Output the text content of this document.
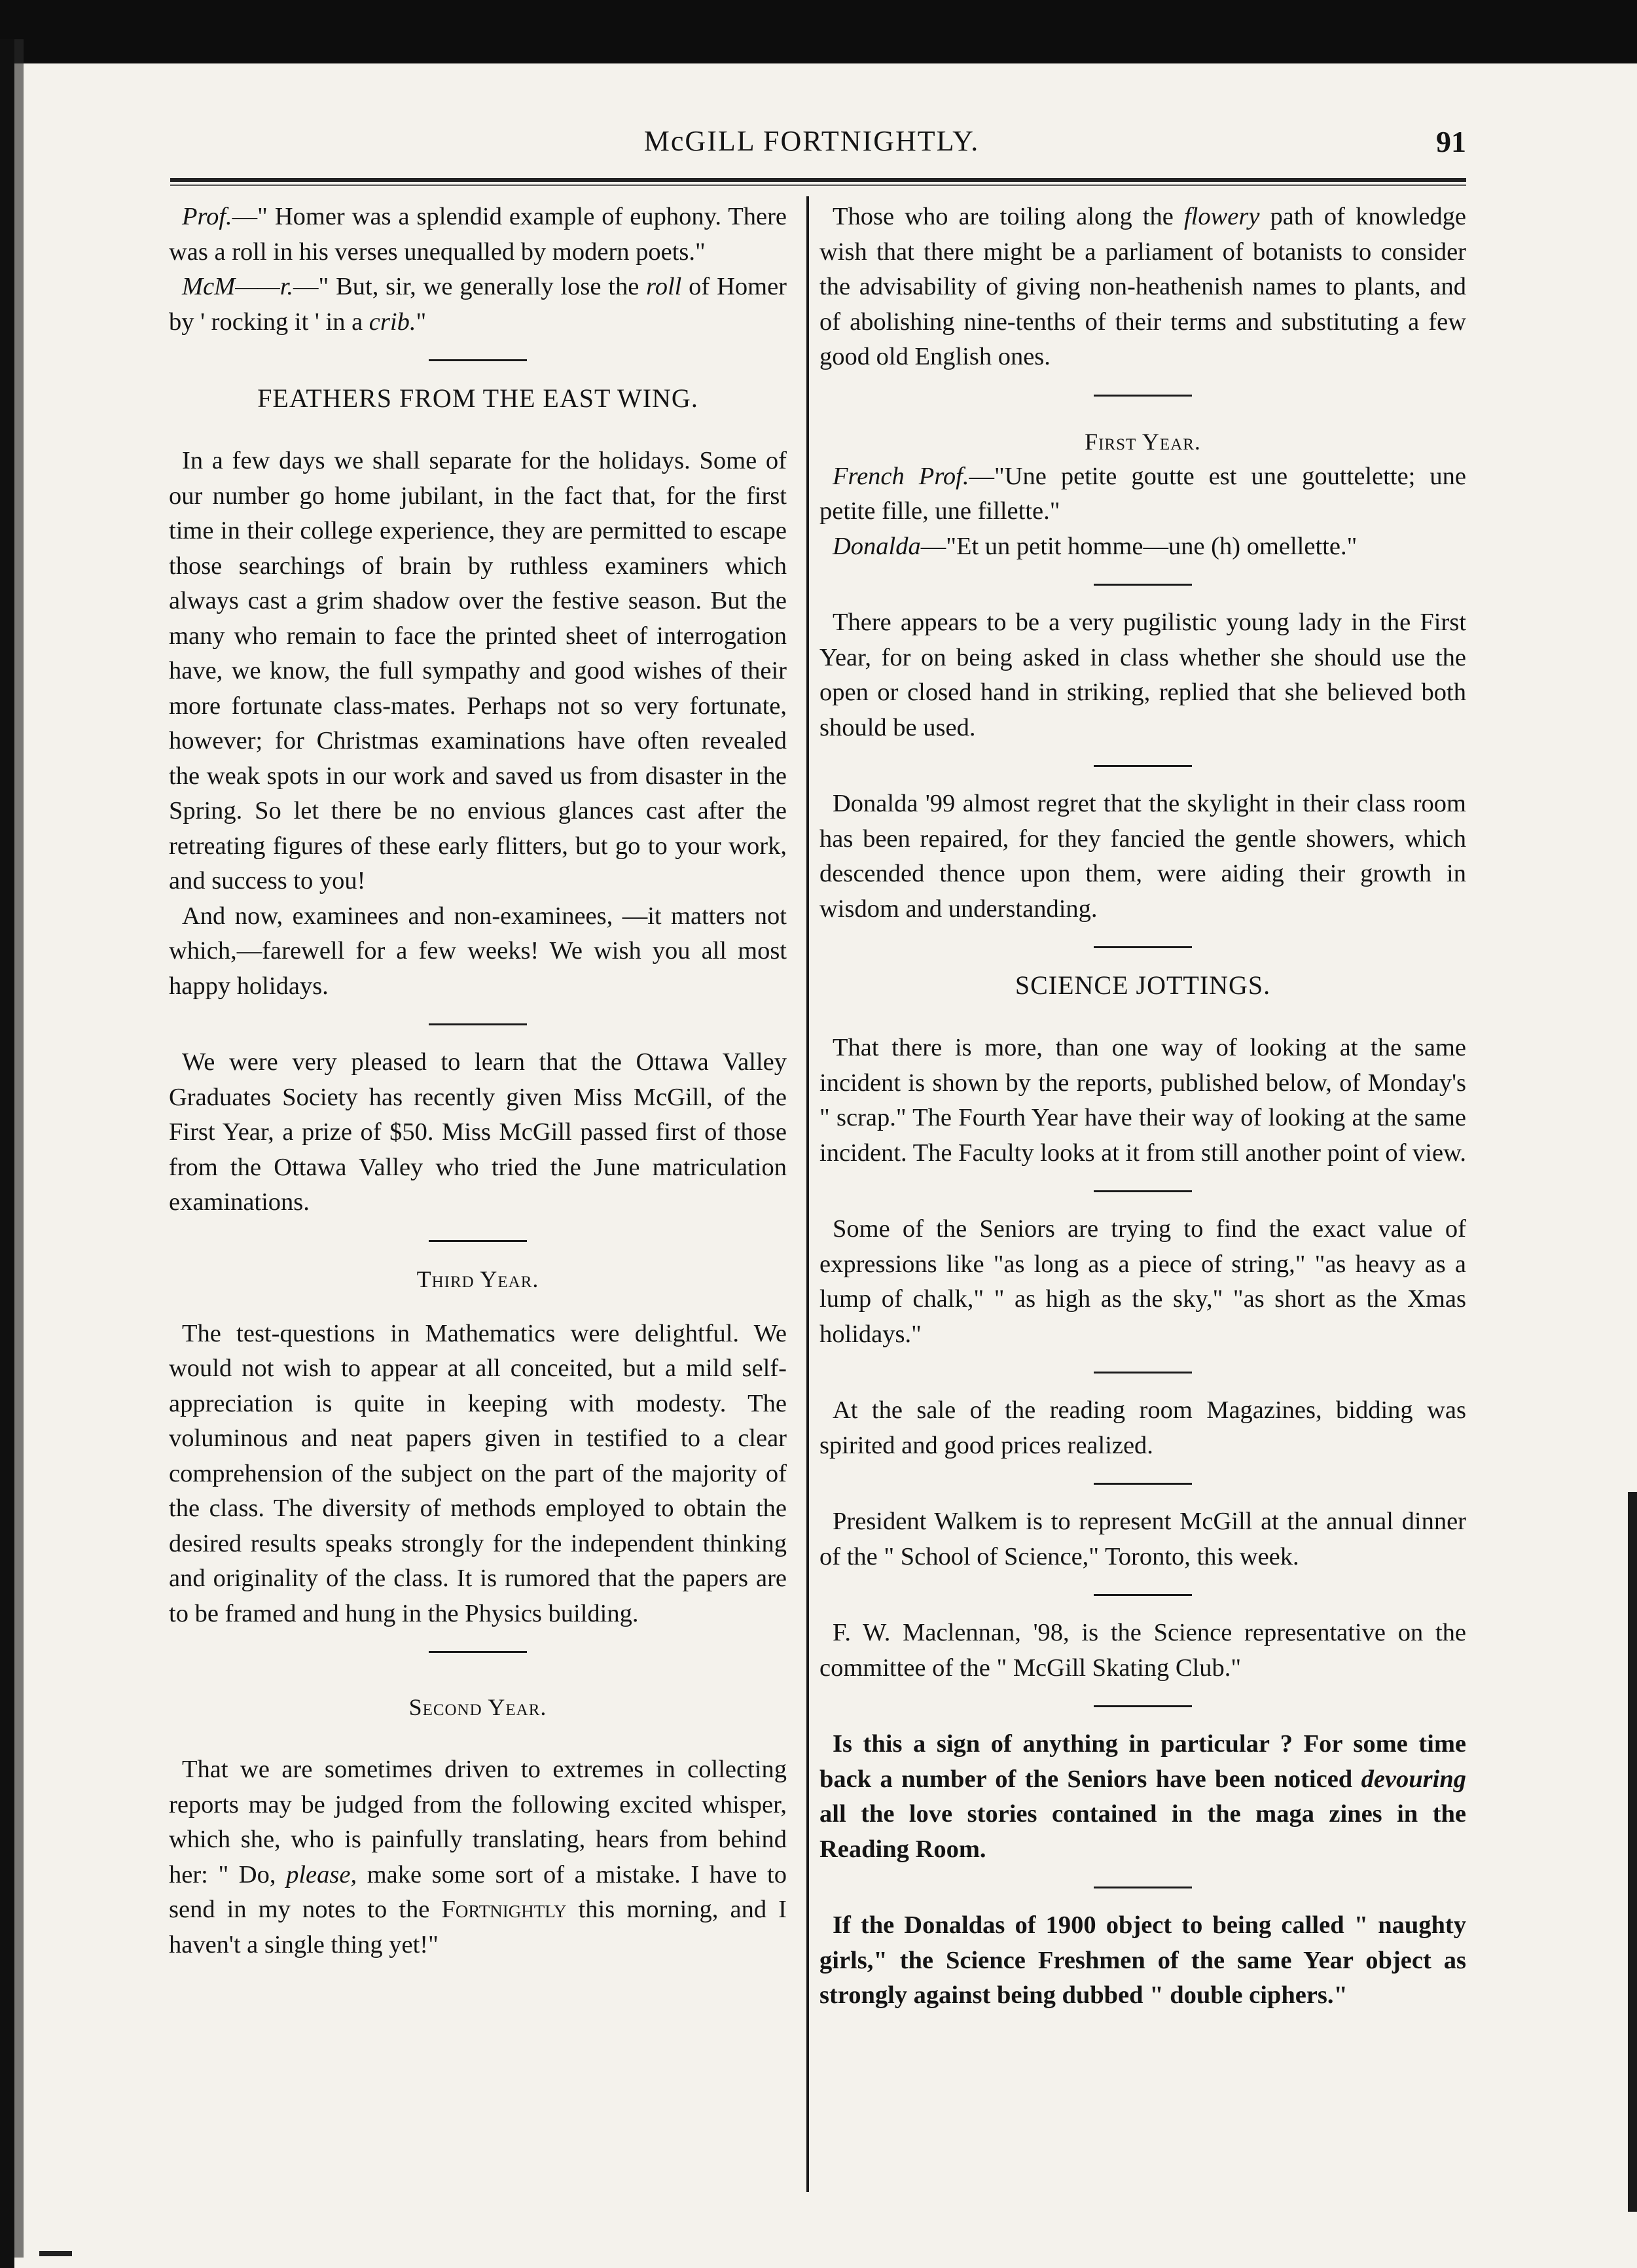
McGILL FORTNIGHTLY.	91

Prof.—" Homer was a splendid example of euphony. There was a roll in his verses unequalled by modern poets."

McM——r.—" But, sir, we generally lose the roll of Homer by ' rocking it ' in a crib."

FEATHERS FROM THE EAST WING.

In a few days we shall separate for the holidays. Some of our number go home jubilant, in the fact that, for the first time in their college experience, they are permitted to escape those searchings of brain by ruthless examiners which always cast a grim shadow over the festive season. But the many who remain to face the printed sheet of interrogation have, we know, the full sympathy and good wishes of their more fortunate class-mates. Perhaps not so very fortunate, however; for Christmas examinations have often revealed the weak spots in our work and saved us from disaster in the Spring. So let there be no envious glances cast after the retreating figures of these early flitters, but go to your work, and success to you!

And now, examinees and non-examinees, —it matters not which,—farewell for a few weeks! We wish you all most happy holidays.

We were very pleased to learn that the Ottawa Valley Graduates Society has recently given Miss McGill, of the First Year, a prize of $50. Miss McGill passed first of those from the Ottawa Valley who tried the June matriculation examinations.

Third Year.

The test-questions in Mathematics were delightful. We would not wish to appear at all conceited, but a mild self-appreciation is quite in keeping with modesty. The voluminous and neat papers given in testified to a clear comprehension of the subject on the part of the majority of the class. The diversity of methods employed to obtain the desired results speaks strongly for the independent thinking and originality of the class. It is rumored that the papers are to be framed and hung in the Physics building.

Second Year.

That we are sometimes driven to extremes in collecting reports may be judged from the following excited whisper, which she, who is painfully translating, hears from behind her: " Do, please, make some sort of a mistake. I have to send in my notes to the Fortnightly this morning, and I haven't a single thing yet!"

Those who are toiling along the flowery path of knowledge wish that there might be a parliament of botanists to consider the advisability of giving non-heathenish names to plants, and of abolishing nine-tenths of their terms and substituting a few good old English ones.

First Year.

French Prof.—"Une petite goutte est une gouttelette; une petite fille, une fillette."

Donalda—"Et un petit homme—une (h) omellette."

There appears to be a very pugilistic young lady in the First Year, for on being asked in class whether she should use the open or closed hand in striking, replied that she believed both should be used.

Donalda '99 almost regret that the skylight in their class room has been repaired, for they fancied the gentle showers, which descended thence upon them, were aiding their growth in wisdom and understanding.

SCIENCE JOTTINGS.

That there is more, than one way of looking at the same incident is shown by the reports, published below, of Monday's " scrap." The Fourth Year have their way of looking at the same incident. The Faculty looks at it from still another point of view.

Some of the Seniors are trying to find the exact value of expressions like "as long as a piece of string," "as heavy as a lump of chalk," " as high as the sky," "as short as the Xmas holidays."

At the sale of the reading room Magazines, bidding was spirited and good prices realized.

President Walkem is to represent McGill at the annual dinner of the " School of Science," Toronto, this week.

F. W. Maclennan, '98, is the Science representative on the committee of the " McGill Skating Club."

Is this a sign of anything in particular ? For some time back a number of the Seniors have been noticed devouring all the love stories contained in the maga zines in the Reading Room.

If the Donaldas of 1900 object to being called " naughty girls," the Science Freshmen of the same Year object as strongly against being dubbed " double ciphers."
